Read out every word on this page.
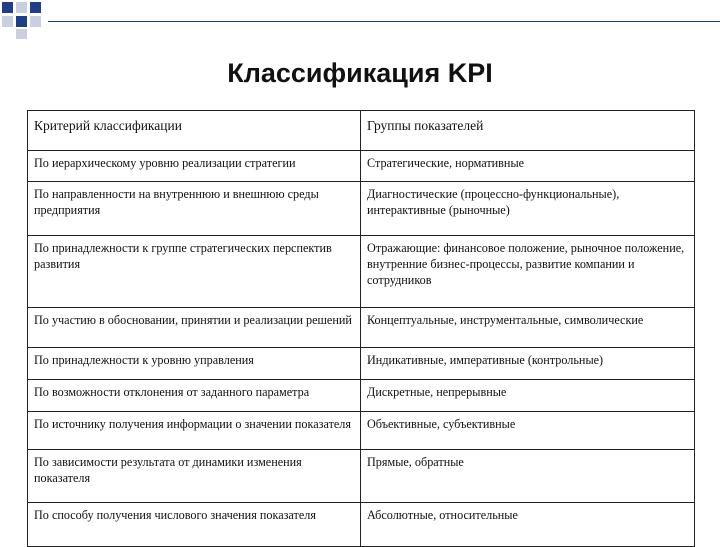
Классификация KPI
Критерий классификации	Группы показателей
По иерархическому уровню реализации стратегии	Стратегические, нормативные
По направленности на внутреннюю и внешнюю среды предприятия	Диагностические (процессно-функциональные), интерактивные (рыночные)
По принадлежности к группе стратегических перспектив развития	Отражающие: финансовое положение, рыночное положение, внутренние бизнес-процессы, развитие компании и сотрудников
По участию в обосновании, принятии и реализации решений	Концептуальные, инструментальные, символические
По принадлежности к уровню управления	Индикативные, императивные (контрольные)
По возможности отклонения от заданного параметра	Дискретные, непрерывные
По источнику получения информации о значении показателя	Объективные, субъективные
По зависимости результата от динамики изменения показателя	Прямые, обратные
По способу получения числового значения показателя	Абсолютные, относительные
